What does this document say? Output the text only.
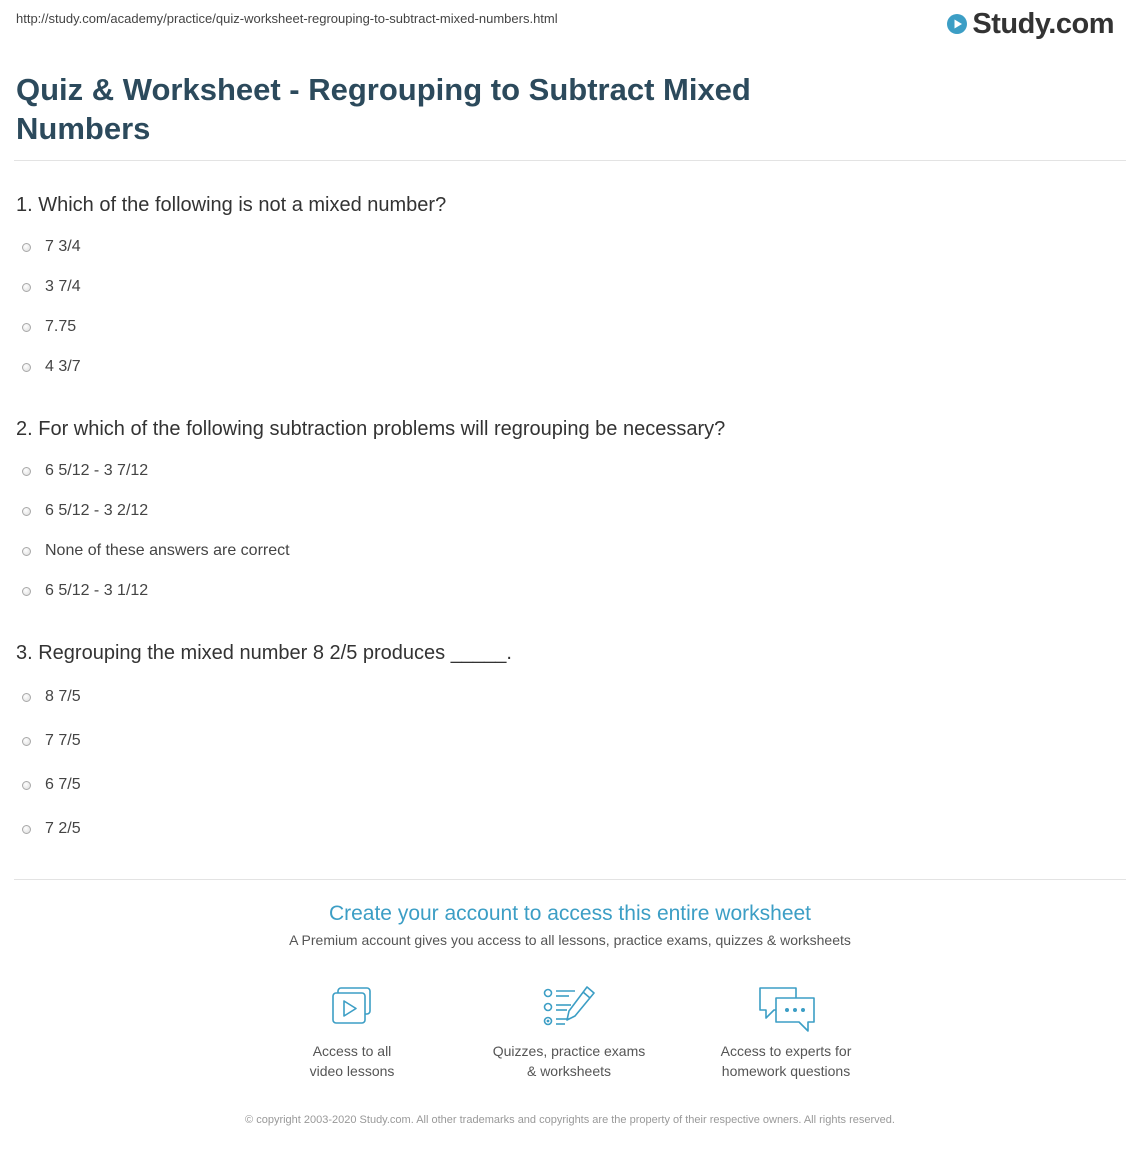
http://study.com/academy/practice/quiz-worksheet-regrouping-to-subtract-mixed-numbers.html	Study.com
Quiz & Worksheet - Regrouping to Subtract Mixed Numbers
1. Which of the following is not a mixed number?
7 3/4
3 7/4
7.75
4 3/7
2. For which of the following subtraction problems will regrouping be necessary?
6 5/12 - 3 7/12
6 5/12 - 3 2/12
None of these answers are correct
6 5/12 - 3 1/12
3. Regrouping the mixed number 8 2/5 produces _____.
8 7/5
7 7/5
6 7/5
7 2/5
Create your account to access this entire worksheet
A Premium account gives you access to all lessons, practice exams, quizzes & worksheets
Access to all
video lessons
Quizzes, practice exams
& worksheets
Access to experts for
homework questions
© copyright 2003-2020 Study.com. All other trademarks and copyrights are the property of their respective owners. All rights reserved.
